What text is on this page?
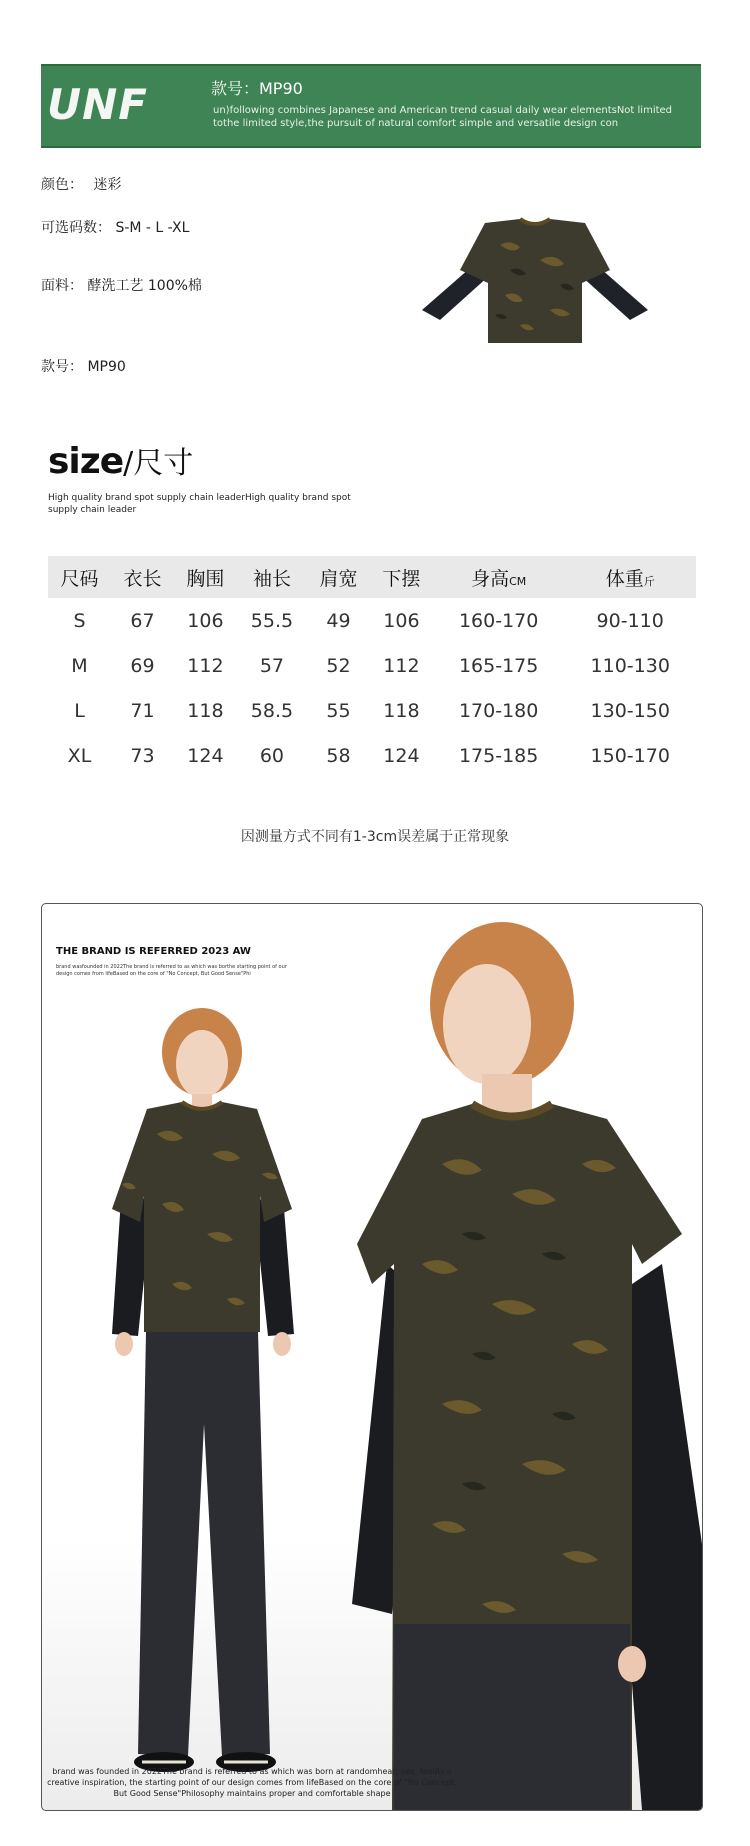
UNF	款号：MP90
un)following combines Japanese and American trend casual daily wear elementsNot limited tothe limited style,the pursuit of natural comfort simple and versatile design con
颜色： 迷彩
可选码数： S-M - L -XL
面料： 酵洗工艺 100%棉
款号： MP90
size/尺寸
High quality brand spot supply chain leaderHigh quality brand spot supply chain leader
尺码	衣长	胸围	袖长	肩宽	下摆	身高CM	体重斤
S	67	106	55.5	49	106	160-170	90-110
M	69	112	57	52	112	165-175	110-130
L	71	118	58.5	55	118	170-180	130-150
XL	73	124	60	58	124	175-185	150-170
因测量方式不同有1-3cm误差属于正常现象
THE BRAND IS REFERRED 2023 AW
brand wasfounded in 2022The brand is referred to as which was borthe starting point of our design comes from lifeBased on the core of "No Concept, But Good Sense"Phi
brand was founded in 2022The brand is referred to as which was born at randomhear, see, feelAs a creative inspiration, the starting point of our design comes from lifeBased on the core of "No Concept, But Good Sense"Philosophy maintains proper and comfortable shape
